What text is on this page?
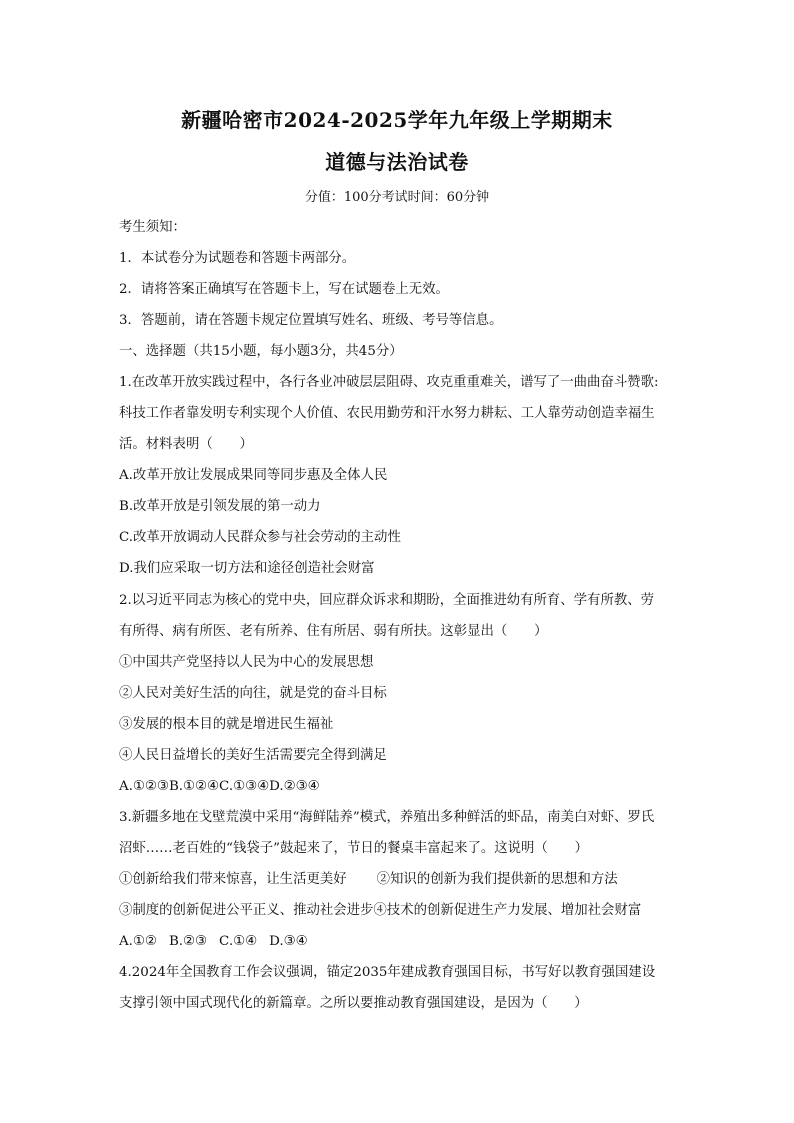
新疆哈密市2024-2025学年九年级上学期期末
道德与法治试卷
分值：100分考试时间：60分钟
考生须知：
1．本试卷分为试题卷和答题卡两部分。
2．请将答案正确填写在答题卡上，写在试题卷上无效。
3．答题前，请在答题卡规定位置填写姓名、班级、考号等信息。
一、选择题（共15小题，每小题3分，共45分）
1.在改革开放实践过程中，各行各业冲破层层阻碍、攻克重重难关，谱写了一曲曲奋斗赞歌:
科技工作者靠发明专利实现个人价值、农民用勤劳和汗水努力耕耘、工人靠劳动创造幸福生
活。材料表明（　　）
A.改革开放让发展成果同等同步惠及全体人民
B.改革开放是引领发展的第一动力
C.改革开放调动人民群众参与社会劳动的主动性
D.我们应采取一切方法和途径创造社会财富
2.以习近平同志为核心的党中央，回应群众诉求和期盼，全面推进幼有所育、学有所教、劳
有所得、病有所医、老有所养、住有所居、弱有所扶。这彰显出（　　）
①中国共产党坚持以人民为中心的发展思想
②人民对美好生活的向往，就是党的奋斗目标
③发展的根本目的就是增进民生福祉
④人民日益增长的美好生活需要完全得到满足
A.①②③B.①②④C.①③④D.②③④
3.新疆多地在戈壁荒漠中采用“海鲜陆养”模式，养殖出多种鲜活的虾品，南美白对虾、罗氏
沼虾……老百姓的“钱袋子”鼓起来了，节日的餐桌丰富起来了。这说明（　　）
①创新给我们带来惊喜，让生活更美好 ②知识的创新为我们提供新的思想和方法
③制度的创新促进公平正义、推动社会进步④技术的创新促进生产力发展、增加社会财富
A.①② B.②③ C.①④ D.③④
4.2024年全国教育工作会议强调，锚定2035年建成教育强国目标，书写好以教育强国建设
支撑引领中国式现代化的新篇章。之所以要推动教育强国建设，是因为（　　）
